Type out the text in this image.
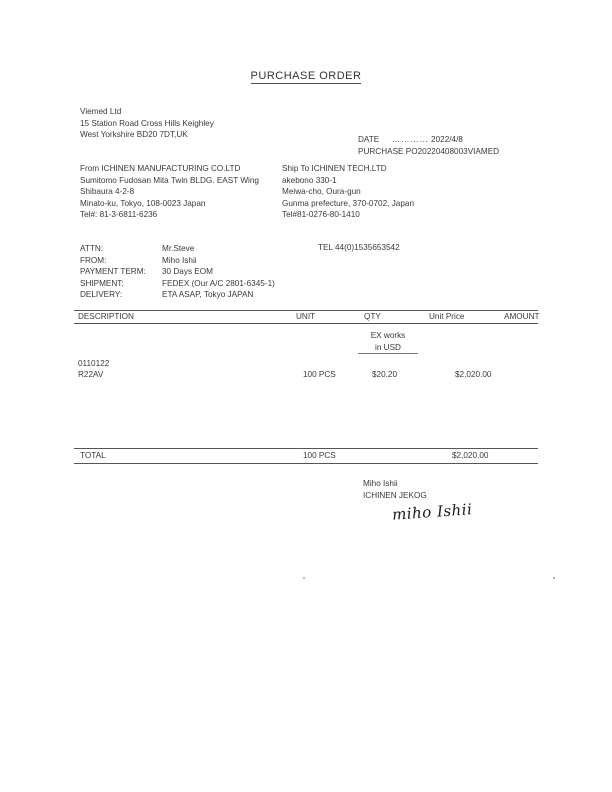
PURCHASE ORDER
Viemed Ltd
15 Station Road Cross Hills Keighley
West Yorkshire BD20 7DT,UK
DATE ………… 2022/4/8
PURCHASE PO20220408003VIAMED
From ICHINEN MANUFACTURING CO.LTD
Sumitomo Fudosan Mita Twin BLDG. EAST Wing
Shibaura 4-2-8
Minato-ku, Tokyo, 108-0023 Japan
Tel#: 81-3-6811-6236
Ship To ICHINEN TECH.LTD
akebono 330-1
Meiwa-cho, Oura-gun
Gunma prefecture, 370-0702, Japan
Tel#81-0276-80-1410
ATTN:	Mr.Steve
FROM:	Miho Ishii
PAYMENT TERM:	30 Days EOM
SHIPMENT:	FEDEX (Our A/C 2801-6345-1)
DELIVERY:	ETA ASAP, Tokyo JAPAN
TEL 44(0)1535653542
DESCRIPTION	UNIT	QTY	Unit Price	AMOUNT
EX works
in USD
0110122
R22AV	100 PCS	$20.20	$2,020.00
TOTAL	100 PCS	$2,020.00
Miho Ishii
ICHINEN JEKOG
miho Ishii
